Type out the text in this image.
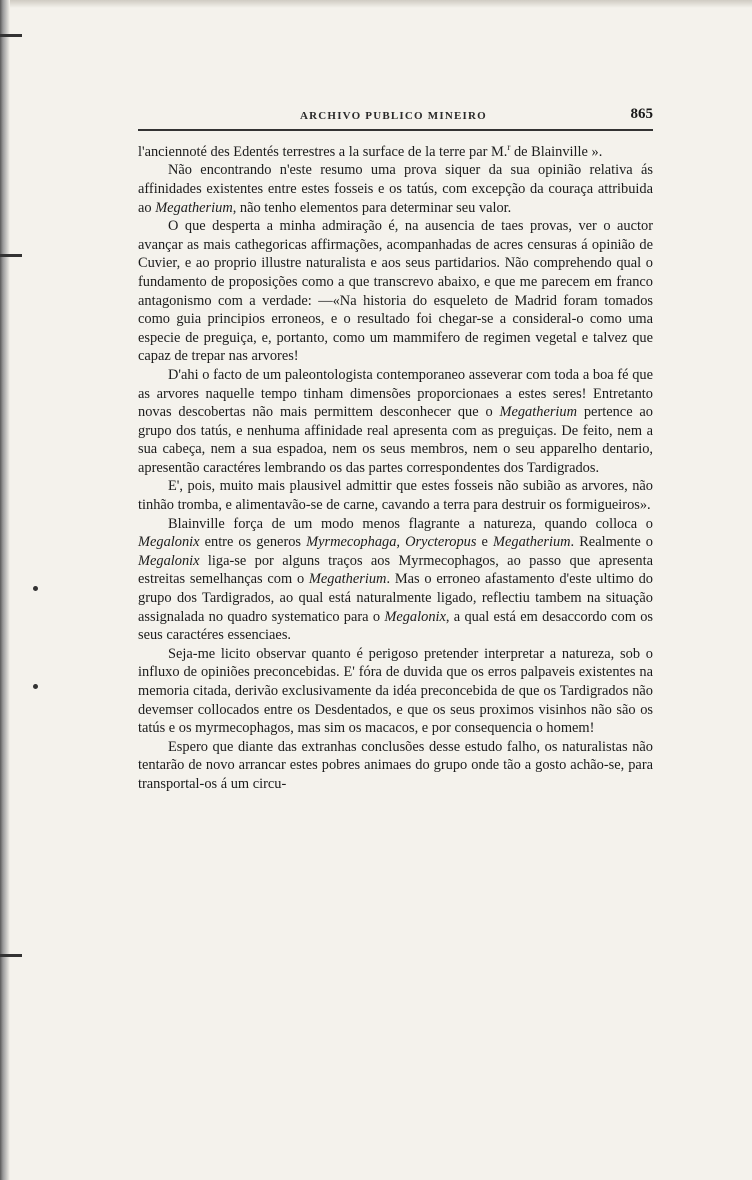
ARCHIVO PUBLICO MINEIRO	865

l'anciennoté des Edentés terrestres a la surface de la terre par M.$^r$ de Blainville ».

Não encontrando n'este resumo uma prova siquer da sua opinião relativa ás affinidades existentes entre estes fosseis e os tatús, com excepção da couraça attribuida ao Megatherium, não tenho elementos para determinar seu valor.

O que desperta a minha admiração é, na ausencia de taes provas, ver o auctor avançar as mais cathegoricas affirmações, acompanhadas de acres censuras á opinião de Cuvier, e ao proprio illustre naturalista e aos seus partidarios. Não comprehendo qual o fundamento de proposições como a que transcrevo abaixo, e que me parecem em franco antagonismo com a verdade: —«Na historia do esqueleto de Madrid foram tomados como guia principios erroneos, e o resultado foi chegar-se a consideral-o como uma especie de preguiça, e, portanto, como um mammifero de regimen vegetal e talvez que capaz de trepar nas arvores!

D'ahi o facto de um paleontologista contemporaneo asseverar com toda a boa fé que as arvores naquelle tempo tinham dimensões proporcionaes a estes seres! Entretanto novas descobertas não mais permittem desconhecer que o Megatherium pertence ao grupo dos tatús, e nenhuma affinidade real apresenta com as preguiças. De feito, nem a sua cabeça, nem a sua espadoa, nem os seus membros, nem o seu apparelho dentario, apresentão caractéres lembrando os das partes correspondentes dos Tardigrados.

E', pois, muito mais plausivel admittir que estes fosseis não subião as arvores, não tinhão tromba, e alimentavão-se de carne, cavando a terra para destruir os formigueiros».

Blainville força de um modo menos flagrante a natureza, quando colloca o Megalonix entre os generos Myrmecophaga, Orycteropus e Megatherium. Realmente o Megalonix liga-se por alguns traços aos Myrmecophagos, ao passo que apresenta estreitas semelhanças com o Megatherium. Mas o erroneo afastamento d'este ultimo do grupo dos Tardigrados, ao qual está naturalmente ligado, reflectiu tambem na situação assignalada no quadro systematico para o Megalonix, a qual está em desaccordo com os seus caractéres essenciaes.

Seja-me licito observar quanto é perigoso pretender interpretar a natureza, sob o influxo de opiniões preconcebidas. E' fóra de duvida que os erros palpaveis existentes na memoria citada, derivão exclusivamente da idéa preconcebida de que os Tardigrados não devemser collocados entre os Desdentados, e que os seus proximos visinhos não são os tatús e os myrmecophagos, mas sim os macacos, e por consequencia o homem!

Espero que diante das extranhas conclusões desse estudo falho, os naturalistas não tentarão de novo arrancar estes pobres animaes do grupo onde tão a gosto achão-se, para transportal-os á um circu-
